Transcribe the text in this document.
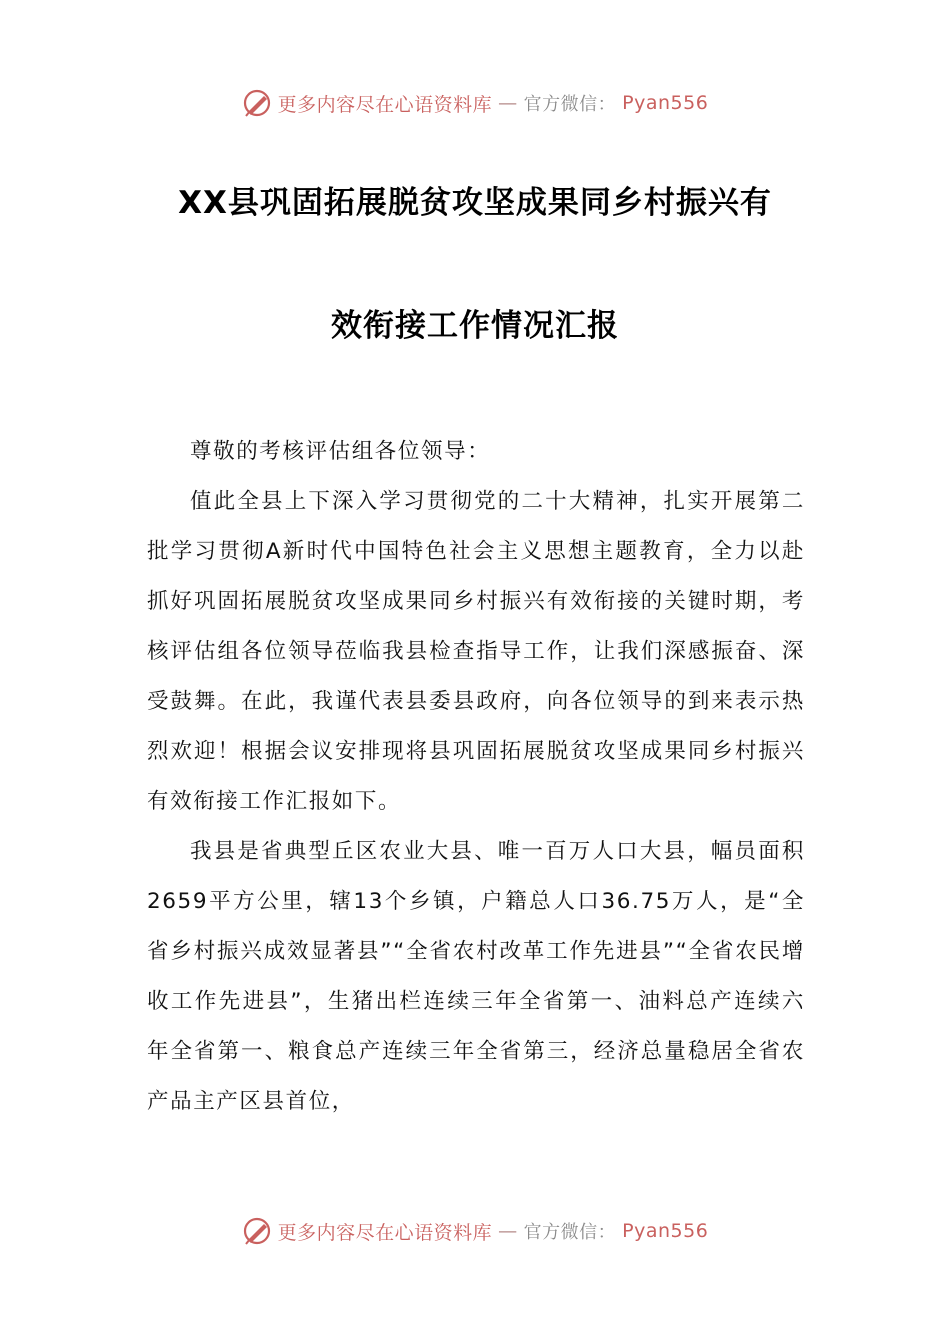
更多内容尽在心语资料库 — 官方微信： Pyan556
XX县巩固拓展脱贫攻坚成果同乡村振兴有
效衔接工作情况汇报

尊敬的考核评估组各位领导：

值此全县上下深入学习贯彻党的二十大精神，扎实开展第二批学习贯彻A新时代中国特色社会主义思想主题教育，全力以赴抓好巩固拓展脱贫攻坚成果同乡村振兴有效衔接的关键时期，考核评估组各位领导莅临我县检查指导工作，让我们深感振奋、深受鼓舞。在此，我谨代表县委县政府，向各位领导的到来表示热烈欢迎！根据会议安排现将县巩固拓展脱贫攻坚成果同乡村振兴有效衔接工作汇报如下。

我县是省典型丘区农业大县、唯一百万人口大县，幅员面积2659平方公里，辖13个乡镇，户籍总人口36.75万人，是“全省乡村振兴成效显著县”“全省农村改革工作先进县”“全省农民增收工作先进县”，生猪出栏连续三年全省第一、油料总产连续六年全省第一、粮食总产连续三年全省第三，经济总量稳居全省农产品主产区县首位，

更多内容尽在心语资料库 — 官方微信： Pyan556
